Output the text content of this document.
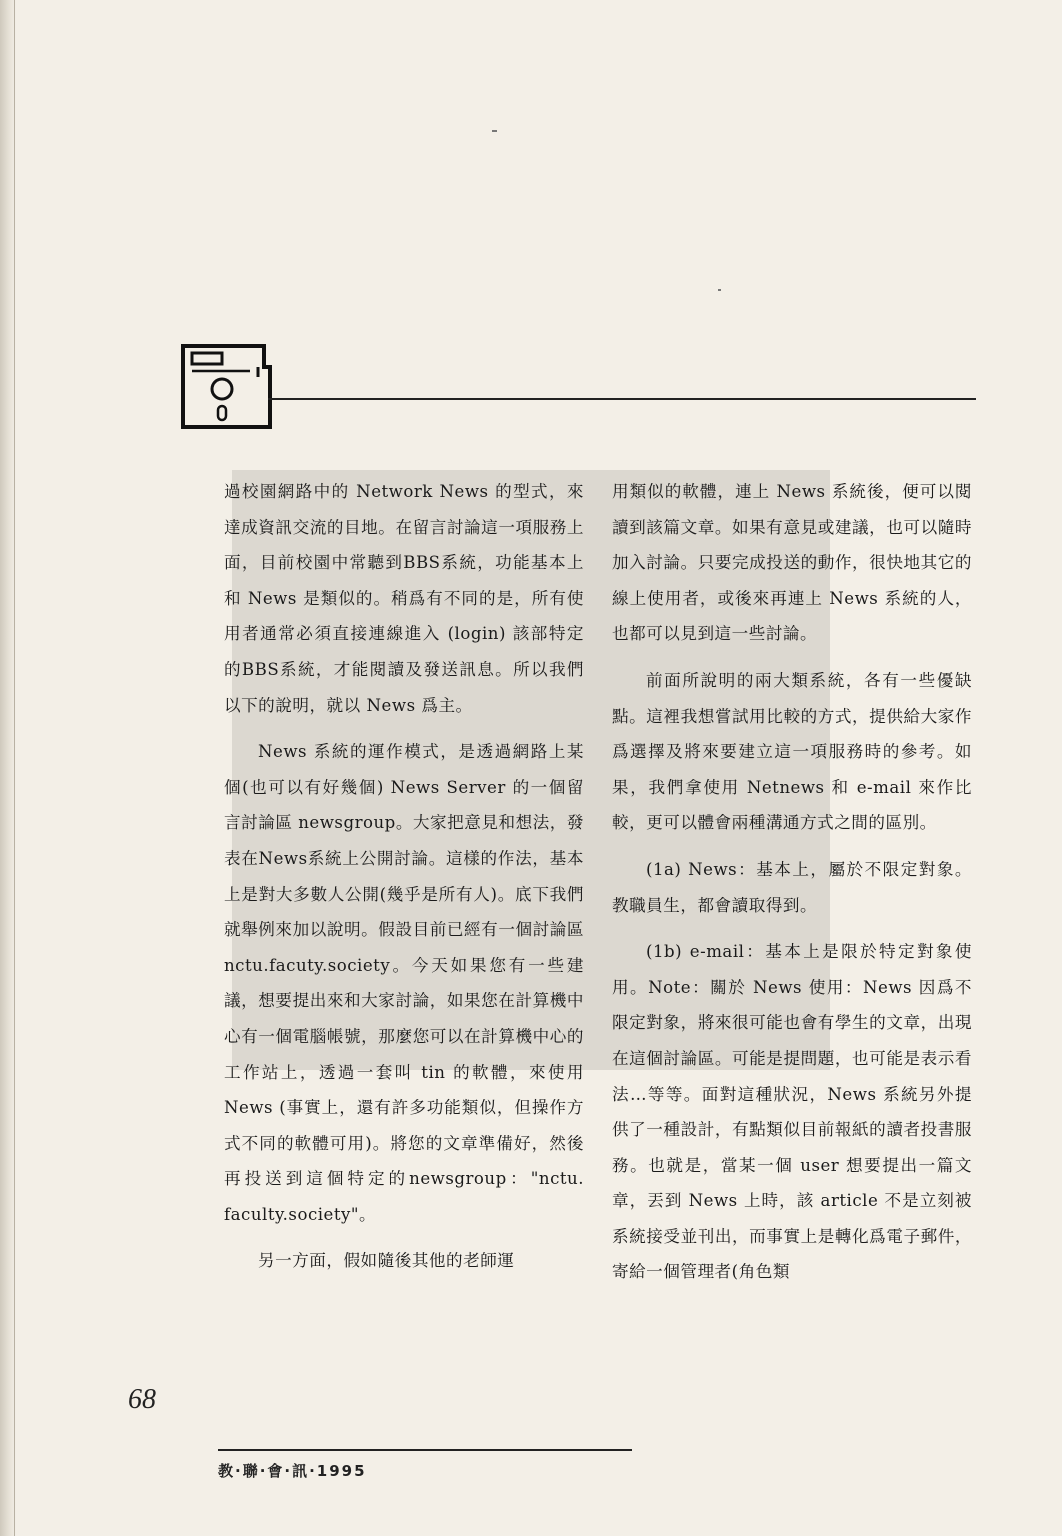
過校園網路中的 Network News 的型式，來達成資訊交流的目地。在留言討論這一項服務上面，目前校園中常聽到BBS系統，功能基本上和 News 是類似的。稍爲有不同的是，所有使用者通常必須直接連線進入 (login) 該部特定的BBS系統，才能閱讀及發送訊息。所以我們以下的說明，就以 News 爲主。

News 系統的運作模式，是透過網路上某個(也可以有好幾個) News Server 的一個留言討論區 newsgroup。大家把意見和想法，發表在News系統上公開討論。這樣的作法，基本上是對大多數人公開(幾乎是所有人)。底下我們就舉例來加以說明。假設目前已經有一個討論區 nctu.facuty.society。今天如果您有一些建議，想要提出來和大家討論，如果您在計算機中心有一個電腦帳號，那麼您可以在計算機中心的工作站上，透過一套叫 tin 的軟體，來使用 News (事實上，還有許多功能類似，但操作方式不同的軟體可用)。將您的文章準備好，然後再投送到這個特定的newsgroup："nctu. faculty.society"。

另一方面，假如隨後其他的老師運

用類似的軟體，連上 News 系統後，便可以閱讀到該篇文章。如果有意見或建議，也可以隨時加入討論。只要完成投送的動作，很快地其它的線上使用者，或後來再連上 News 系統的人，也都可以見到這一些討論。

前面所說明的兩大類系統，各有一些優缺點。這裡我想嘗試用比較的方式，提供給大家作爲選擇及將來要建立這一項服務時的參考。如果，我們拿使用 Netnews 和 e-mail 來作比較，更可以體會兩種溝通方式之間的區別。

(1a) News：基本上，屬於不限定對象。教職員生，都會讀取得到。

(1b) e-mail：基本上是限於特定對象使用。Note：關於 News 使用：News 因爲不限定對象，將來很可能也會有學生的文章，出現在這個討論區。可能是提問題，也可能是表示看法…等等。面對這種狀況，News 系統另外提供了一種設計，有點類似目前報紙的讀者投書服務。也就是，當某一個 user 想要提出一篇文章，丟到 News 上時，該 article 不是立刻被系統接受並刊出，而事實上是轉化爲電子郵件，寄給一個管理者(角色類

68
教·聯·會·訊·1995
